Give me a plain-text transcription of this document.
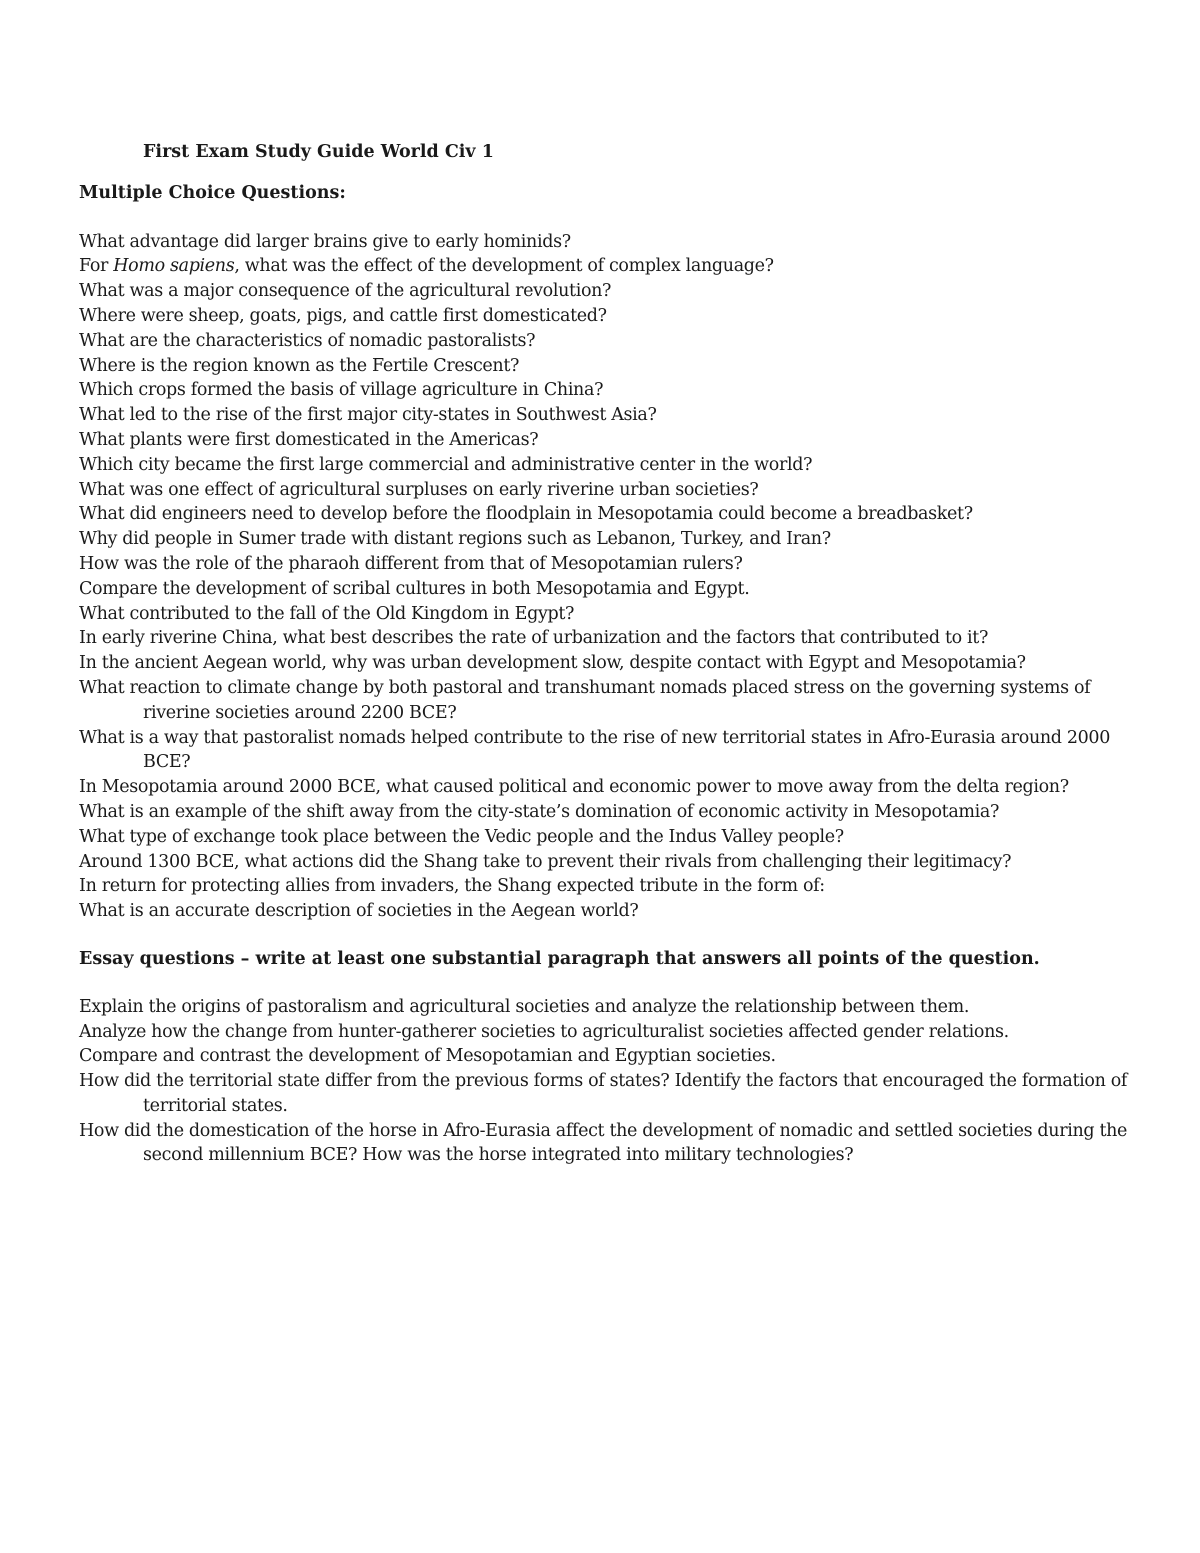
First Exam Study Guide World Civ 1

Multiple Choice Questions:

What advantage did larger brains give to early hominids?
For Homo sapiens, what was the effect of the development of complex language?
What was a major consequence of the agricultural revolution?
Where were sheep, goats, pigs, and cattle first domesticated?
What are the characteristics of nomadic pastoralists?
Where is the region known as the Fertile Crescent?
Which crops formed the basis of village agriculture in China?
What led to the rise of the first major city-states in Southwest Asia?
What plants were first domesticated in the Americas?
Which city became the first large commercial and administrative center in the world?
What was one effect of agricultural surpluses on early riverine urban societies?
What did engineers need to develop before the floodplain in Mesopotamia could become a breadbasket?
Why did people in Sumer trade with distant regions such as Lebanon, Turkey, and Iran?
How was the role of the pharaoh different from that of Mesopotamian rulers?
Compare the development of scribal cultures in both Mesopotamia and Egypt.
What contributed to the fall of the Old Kingdom in Egypt?
In early riverine China, what best describes the rate of urbanization and the factors that contributed to it?
In the ancient Aegean world, why was urban development slow, despite contact with Egypt and Mesopotamia?
What reaction to climate change by both pastoral and transhumant nomads placed stress on the governing systems of riverine societies around 2200 BCE?
What is a way that pastoralist nomads helped contribute to the rise of new territorial states in Afro-Eurasia around 2000 BCE?
In Mesopotamia around 2000 BCE, what caused political and economic power to move away from the delta region?
What is an example of the shift away from the city-state’s domination of economic activity in Mesopotamia?
What type of exchange took place between the Vedic people and the Indus Valley people?
Around 1300 BCE, what actions did the Shang take to prevent their rivals from challenging their legitimacy?
In return for protecting allies from invaders, the Shang expected tribute in the form of:
What is an accurate description of societies in the Aegean world?

Essay questions – write at least one substantial paragraph that answers all points of the question.

Explain the origins of pastoralism and agricultural societies and analyze the relationship between them.
Analyze how the change from hunter-gatherer societies to agriculturalist societies affected gender relations.
Compare and contrast the development of Mesopotamian and Egyptian societies.
How did the territorial state differ from the previous forms of states? Identify the factors that encouraged the formation of territorial states.
How did the domestication of the horse in Afro-Eurasia affect the development of nomadic and settled societies during the second millennium BCE? How was the horse integrated into military technologies?
